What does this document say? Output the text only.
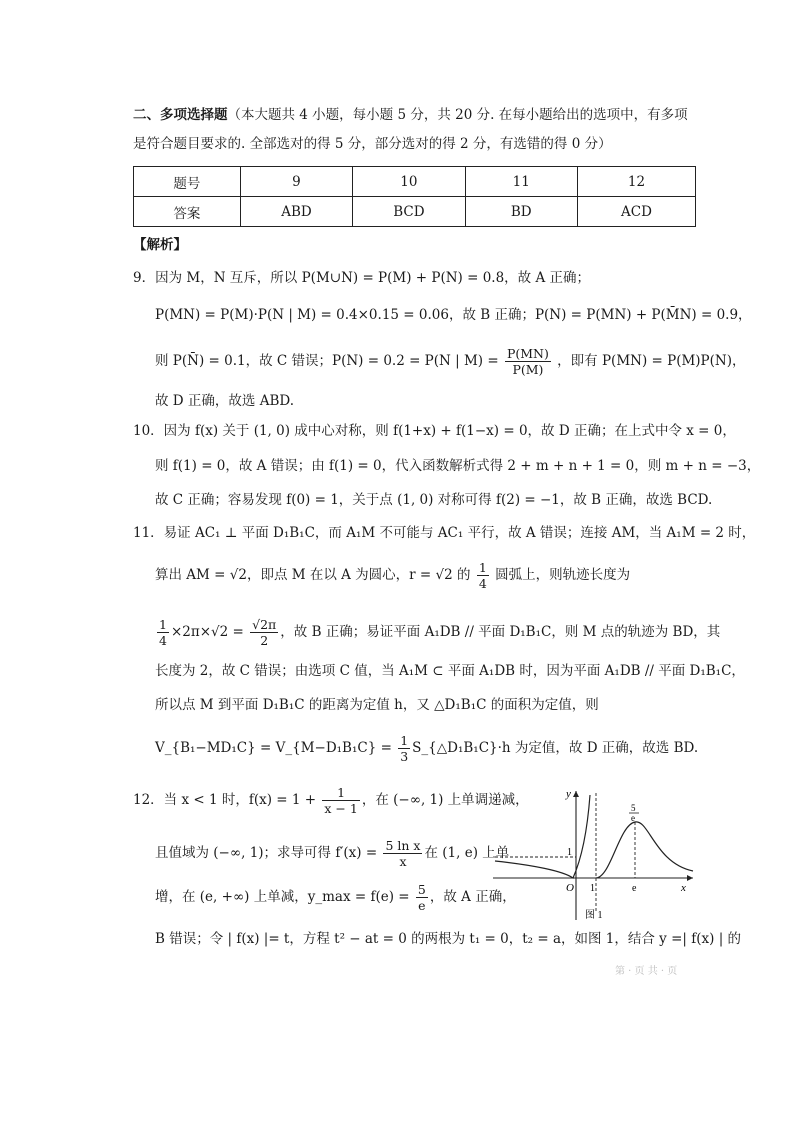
二、多项选择题（本大题共 4 小题，每小题 5 分，共 20 分. 在每小题给出的选项中，有多项
是符合题目要求的. 全部选对的得 5 分，部分选对的得 2 分，有选错的得 0 分）
题号	9	10	11	12
答案	ABD	BCD	BD	ACD
【解析】
9．因为 M，N 互斥，所以 P(M∪N) = P(M) + P(N) = 0.8，故 A 正确；
P(MN) = P(M)·P(N | M) = 0.4×0.15 = 0.06，故 B 正确；P(N) = P(MN) + P(M̄N) = 0.9，
则 P(N̄) = 0.1，故 C 错误；P(N) = 0.2 = P(N | $M) = \frac{P(MN)}{P(M)}$ ，即有 P(MN) = P(M)P(N)，
故 D 正确，故选 ABD.
10．因为 f(x) 关于 (1, 0) 成中心对称，则 f(1+x) + f(1−x) = 0，故 D 正确；在上式中令 x = 0，
则 f(1) = 0，故 A 错误；由 f(1) = 0，代入函数解析式得 2 + m + n + 1 = 0，则 m + n = −3，
故 C 正确；容易发现 f(0) = 1，关于点 (1, 0) 对称可得 f(2) = −1，故 B 正确，故选 BCD.
11．易证 AC₁ ⊥ 平面 D₁B₁C，而 A₁M 不可能与 AC₁ 平行，故 A 错误；连接 AM，当 A₁M = 2 时，
算出 AM = √2，即点 M 在以 A 为圆心，r = √2 的 $\frac{1}{4}$ 圆弧上，则轨迹长度为
$\frac{1}{4} \times 2\pi\times√2 = \frac{√2\pi}{2}$ ，故 B 正确；易证平面 A₁DB // 平面 D₁B₁C，则 M 点的轨迹为 BD，其
长度为 2，故 C 错误；由选项 C 值，当 A₁M ⊂ 平面 A₁DB 时，因为平面 A₁DB // 平面 D₁B₁C，
所以点 M 到平面 D₁B₁C 的距离为定值 h，又 △D₁B₁C 的面积为定值，则
V_{B₁−MD₁C} = V_{M−D₁B₁C} = $\frac{1}{3}$ S_{△D₁B₁C}·h 为定值，故 D 正确，故选 BD.
12．当 x < 1 时，$f(x) = 1 + \frac{1}{x - 1}$ ，在 (−∞, 1) 上单调递减，
且值域为 (−∞, 1)；求导可得 $f'(x) = \frac{\text{5 ln x}}{x}$ 在 (1, e) 上单
增，在 (e, +∞) 上单减，y_max = $f(e) = \frac{5}{e}$ ，故 A 正确，
B 错误；令 | f(x) |= t，方程 t² − at = 0 的两根为 t₁ = 0，t₂ = a，如图 1，结合 y =| f(x) | 的
y
x
O
1
1	e
5
e
图 1
第 · 页 共 · 页
